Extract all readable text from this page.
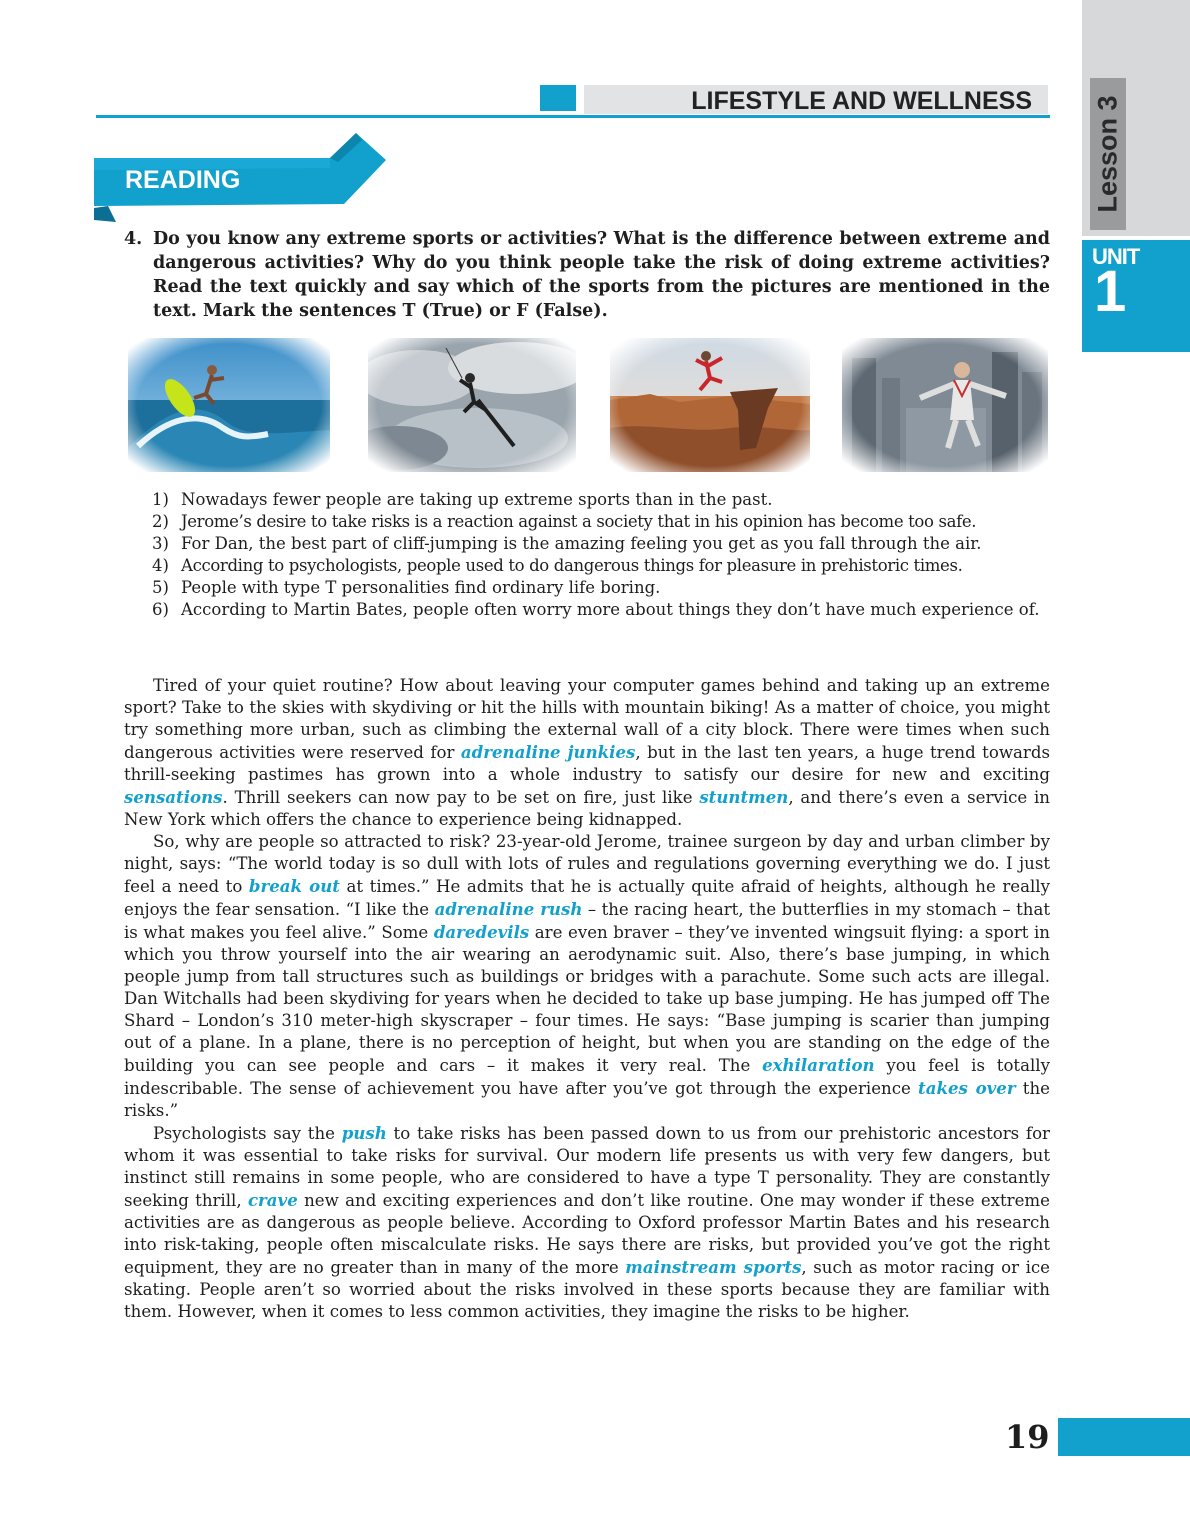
Lesson 3
UNIT
1
LIFESTYLE AND WELLNESS
READING
4. Do you know any extreme sports or activities? What is the difference between extreme and dangerous activities? Why do you think people take the risk of doing extreme activities? Read the text quickly and say which of the sports from the pictures are mentioned in the text. Mark the sentences T (True) or F (False).
1) Nowadays fewer people are taking up extreme sports than in the past.
2) Jerome’s desire to take risks is a reaction against a society that in his opinion has become too safe.
3) For Dan, the best part of cliff-jumping is the amazing feeling you get as you fall through the air.
4) According to psychologists, people used to do dangerous things for pleasure in prehistoric times.
5) People with type T personalities find ordinary life boring.
6) According to Martin Bates, people often worry more about things they don’t have much experience of.

Tired of your quiet routine? How about leaving your computer games behind and taking up an extreme sport? Take to the skies with skydiving or hit the hills with mountain biking! As a matter of choice, you might try something more urban, such as climbing the external wall of a city block. There were times when such dangerous activities were reserved for adrenaline junkies, but in the last ten years, a huge trend towards thrill-seeking pastimes has grown into a whole industry to satisfy our desire for new and exciting sensations. Thrill seekers can now pay to be set on fire, just like stuntmen, and there’s even a service in New York which offers the chance to experience being kidnapped.

So, why are people so attracted to risk? 23-year-old Jerome, trainee surgeon by day and urban climber by night, says: “The world today is so dull with lots of rules and regulations governing everything we do. I just feel a need to break out at times.” He admits that he is actually quite afraid of heights, although he really enjoys the fear sensation. “I like the adrenaline rush – the racing heart, the butterflies in my stomach – that is what makes you feel alive.” Some daredevils are even braver – they’ve invented wingsuit flying: a sport in which you throw yourself into the air wearing an aerodynamic suit. Also, there’s base jumping, in which people jump from tall structures such as buildings or bridges with a parachute. Some such acts are illegal. Dan Witchalls had been skydiving for years when he decided to take up base jumping. He has jumped off The Shard – London’s 310 meter-high skyscraper – four times. He says: “Base jumping is scarier than jumping out of a plane. In a plane, there is no perception of height, but when you are standing on the edge of the building you can see people and cars – it makes it very real. The exhilaration you feel is totally indescribable. The sense of achievement you have after you’ve got through the experience takes over the risks.”

Psychologists say the push to take risks has been passed down to us from our prehistoric ancestors for whom it was essential to take risks for survival. Our modern life presents us with very few dangers, but instinct still remains in some people, who are considered to have a type T personality. They are constantly seeking thrill, crave new and exciting experiences and don’t like routine. One may wonder if these extreme activities are as dangerous as people believe. According to Oxford professor Martin Bates and his research into risk-taking, people often miscalculate risks. He says there are risks, but provided you’ve got the right equipment, they are no greater than in many of the more mainstream sports, such as motor racing or ice skating. People aren’t so worried about the risks involved in these sports because they are familiar with them. However, when it comes to less common activities, they imagine the risks to be higher.

19
